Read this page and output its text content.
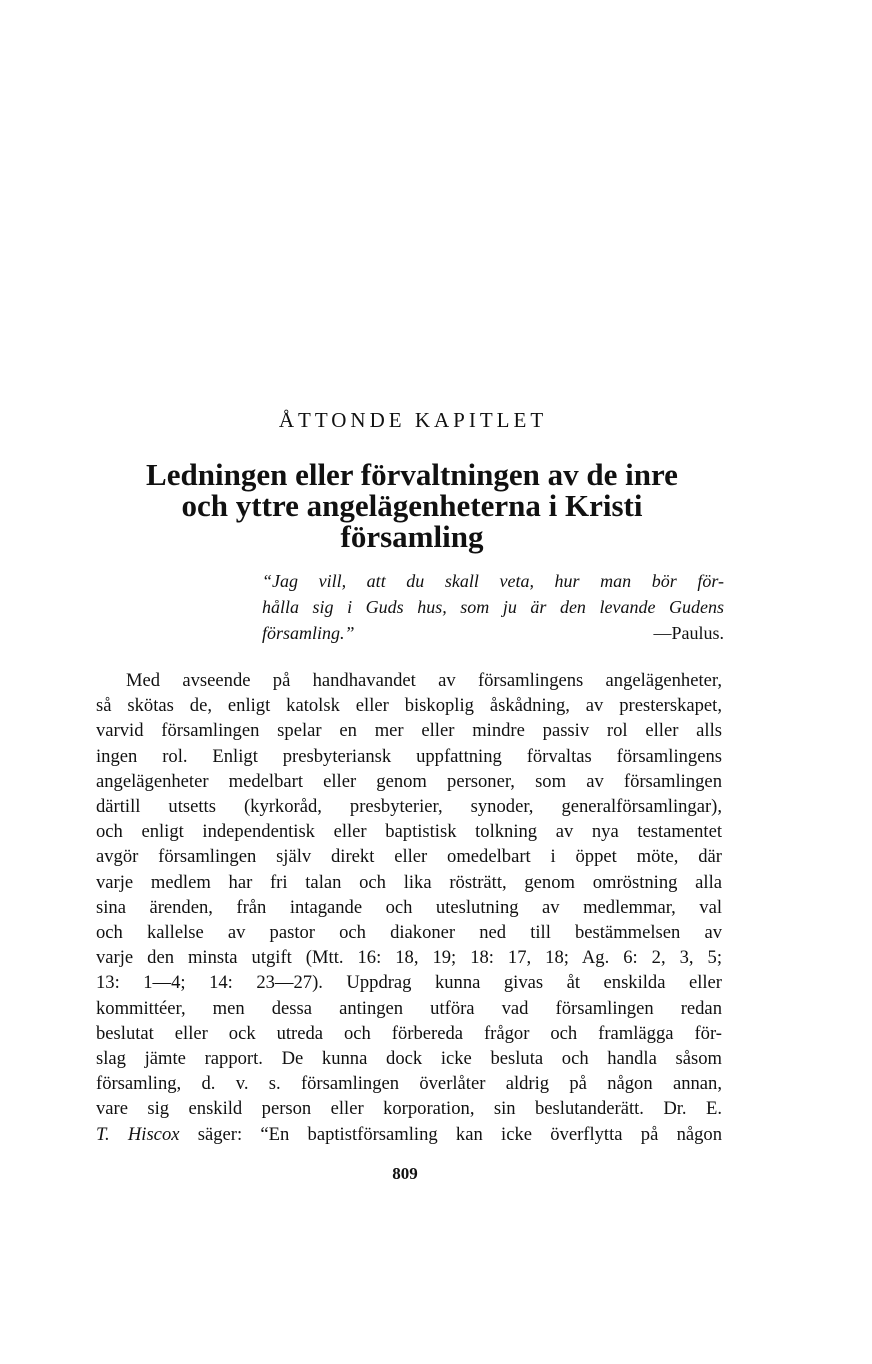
ÅTTONDE KAPITLET
Ledningen eller förvaltningen av de inre
och yttre angelägenheterna i Kristi
församling
“Jag vill, att du skall veta, hur man bör för-
hålla sig i Guds hus, som ju är den levande Gudens
församling.”	—Paulus.
Med avseende på handhavandet av församlingens angelägenheter,
så skötas de, enligt katolsk eller biskoplig åskådning, av presterskapet,
varvid församlingen spelar en mer eller mindre passiv rol eller alls
ingen rol. Enligt presbyteriansk uppfattning förvaltas församlingens
angelägenheter medelbart eller genom personer, som av församlingen
därtill utsetts (kyrkoråd, presbyterier, synoder, generalförsamlingar),
och enligt independentisk eller baptistisk tolkning av nya testamentet
avgör församlingen själv direkt eller omedelbart i öppet möte, där
varje medlem har fri talan och lika rösträtt, genom omröstning alla
sina ärenden, från intagande och uteslutning av medlemmar, val
och kallelse av pastor och diakoner ned till bestämmelsen av
varje den minsta utgift (Mtt. 16: 18, 19; 18: 17, 18; Ag. 6: 2, 3, 5;
13: 1—4; 14: 23—27). Uppdrag kunna givas åt enskilda eller
kommittéer, men dessa antingen utföra vad församlingen redan
beslutat eller ock utreda och förbereda frågor och framlägga för-
slag jämte rapport. De kunna dock icke besluta och handla såsom
församling, d. v. s. församlingen överlåter aldrig på någon annan,
vare sig enskild person eller korporation, sin beslutanderätt. Dr. E.
T. Hiscox säger: “En baptistförsamling kan icke överflytta på någon
809
